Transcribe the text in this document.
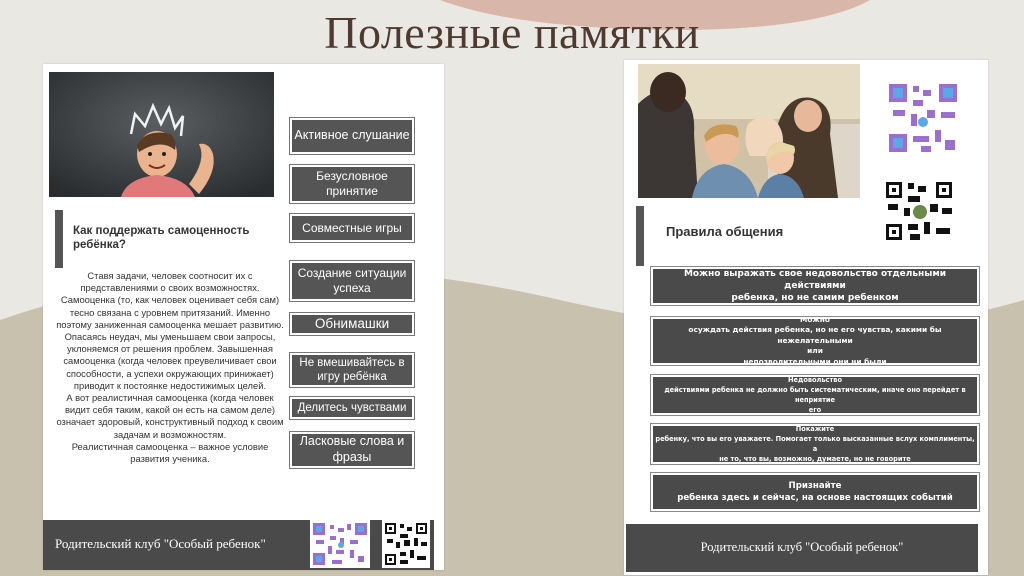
Полезные памятки
Активное слушание
Безусловное принятие
Совместные игры
Создание ситуации успеха
Обнимашки
Не вмешивайтесь в игру ребёнка
Делитесь чувствами
Ласковые слова и фразы
Как поддержать самоценность ребёнка?
Ставя задачи, человек соотносит их с представлениями о своих возможностях. Самооценка (то, как человек оценивает себя сам) тесно связана с уровнем притязаний. Именно поэтому заниженная самооценка мешает развитию. Опасаясь неудач, мы уменьшаем свои запросы, уклоняемся от решения проблем. Завышенная самооценка (когда человек преувеличивает свои способности, а успехи окружающих принижает) приводит к постоянке недостижимых целей.
А вот реалистичная самооценка (когда человек видит себя таким, какой он есть на самом деле) означает здоровый, конструктивный подход к своим задачам и возможностям.
Реалистичная самооценка – важное условие развития ученика.
Родительский клуб "Особый ребенок"
Правила общения
Можно выражать свое недовольство отдельными действиями
ребенка, но не самим ребенком
Можно
осуждать действия ребенка, но не его чувства, какими бы нежелательными
или
непозволительными они ни были
Недовольство
действиями ребенка не должно быть систематическим, иначе оно перейдет в неприятие
его
Покажите
ребенку, что вы его уважаете. Помогает только высказанные вслух комплименты, а
не то, что вы, возможно, думаете, но не говорите
Признайте
ребенка здесь и сейчас, на основе настоящих событий
Родительский клуб "Особый ребенок"
